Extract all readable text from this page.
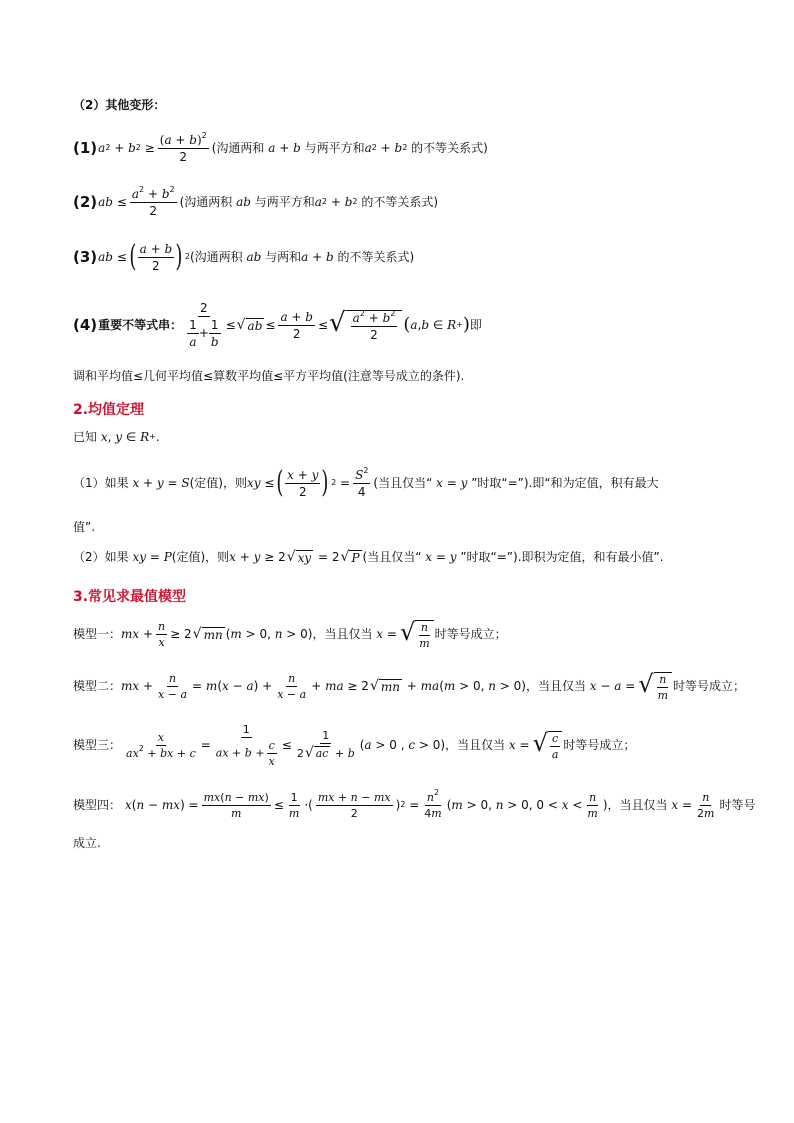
（2）其他变形：
(1) a 2 + b $2 \ge \frac{(a + b)^2}{2}$ (沟通两和 a + b 与两平方和 a 2 + b 2
的不等关系式)
(2) ab ≤ $\frac{a^2 + b^2}{2}$ (沟通两积 ab 与两平方和 a 2 + b 2
的不等关系式)
(3) ab ≤ ( $\frac{a + b}{2}$ ) 2 (沟通两积 ab 与两和 a + b 的不等关系式)
(4) 重要不等式串： $\frac{2}{\frac{1}{a} + \frac{1}{b}}$ ≤ √ ab ≤ $\frac{a + b}{2}$ ≤ √ $\frac{a^2 + b^2}{2}$ ( a , b ∈ R + ) 即
调和平均值≤几何平均值≤算数平均值≤平方平均值(注意等号成立的条件).
2.均值定理
已知 x , y ∈ R + .
（1）如果 x + y = S (定值)，则 xy ≤ ( $\frac{x + y}{2}$ ) $2 = \frac{S^2}{4}$ (当且仅当“ x = y ”时取“=”).即“和为定值，积有最大
值”.
（2）如果 xy = P (定值)，则 x + y ≥ 2 √ xy = 2 √ P (当且仅当“ x = y ”时取“=”).即积为定值，和有最小值”.
3.常见求最值模型
模型一： mx + $\frac{n}{x} \ge 2$ √ mn ( m > 0, n > 0) ，当且仅当 x = √ $\frac{n}{m}$ 时等号成立；
模型二： mx + $\frac{n}{x - a} = m$ ( x − a ) + $\frac{n}{x - a}$ + ma ≥ 2 √ mn + ma ( m > 0, n > 0) ，当且仅当 x − a = √ $\frac{n}{m}$ 时等号成立；
模型三： $\frac{x}{ax^2 + bx + c} = \frac{1}{ax + b + \frac{c}{x}} \le \frac{1}{2 √ ac + b}$ ( a > 0 , c > 0) ，当且仅当 x = √ $\frac{c}{a}$ 时等号成立；
模型四： x ( n − mx ) = $\frac{mx(n - mx)}{m} \le \frac{1}{m}$ ·( $\frac{mx + n - mx}{2}$ ) $2 = \frac{n^2}{4m}$ ( m > 0, n > 0, $0 < x < \frac{n}{m}$ ) ，当且仅当 $x = \frac{n}{2m}$ 时等号
成立.
